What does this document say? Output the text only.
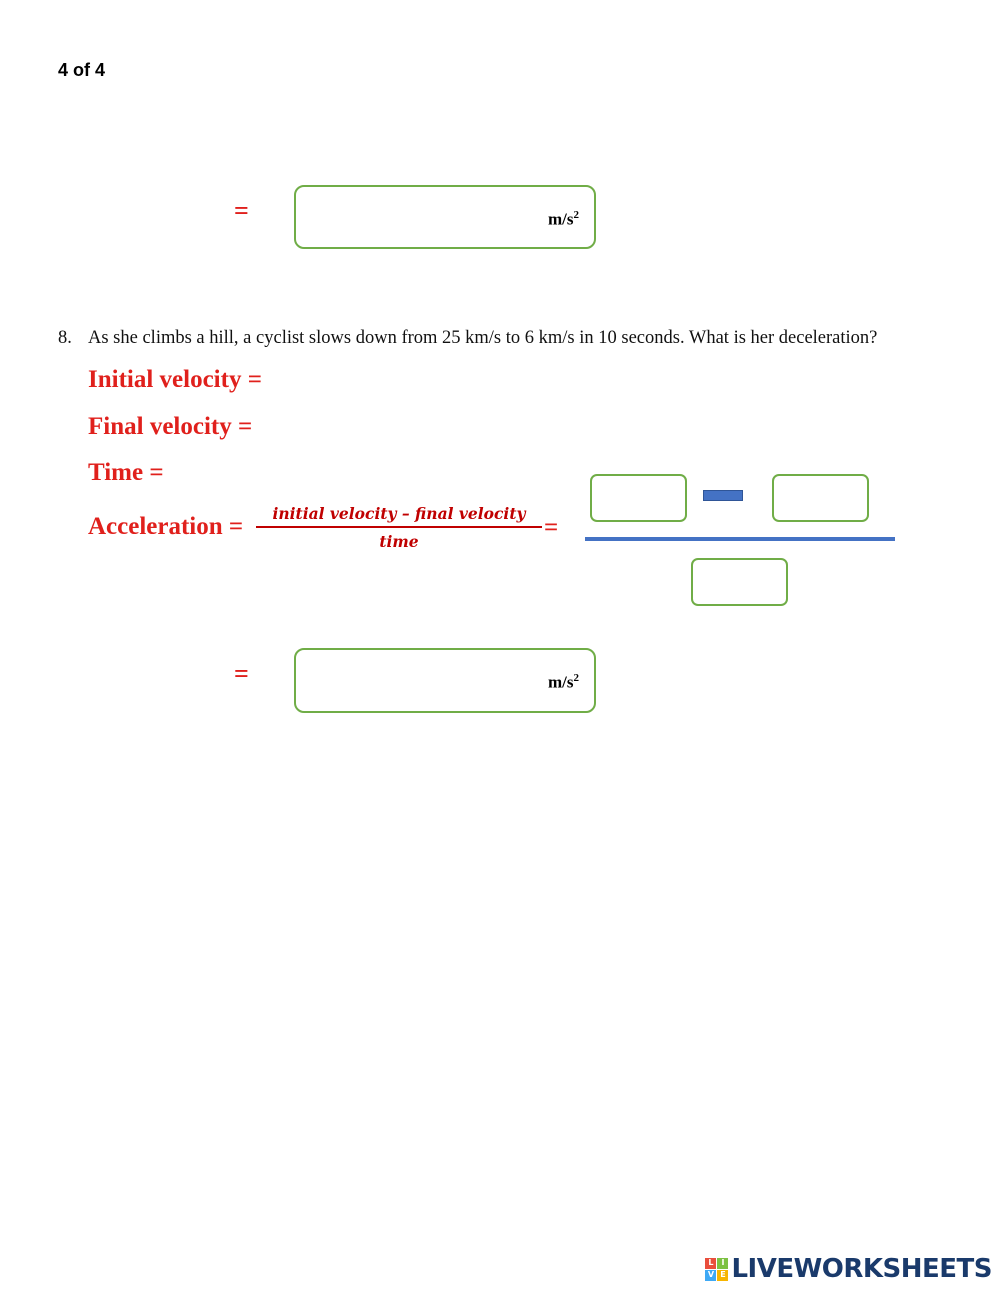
4 of 4
=	$m/s^2$
8. As she climbs a hill, a cyclist slows down from 25 km/s to 6 km/s in 10 seconds. What is her deceleration?
Initial velocity =
Final velocity =
Time =
Acceleration =	initial velocity – final velocity
time
=
=	$m/s^2$
L I
V E LIVEWORKSHEETS
